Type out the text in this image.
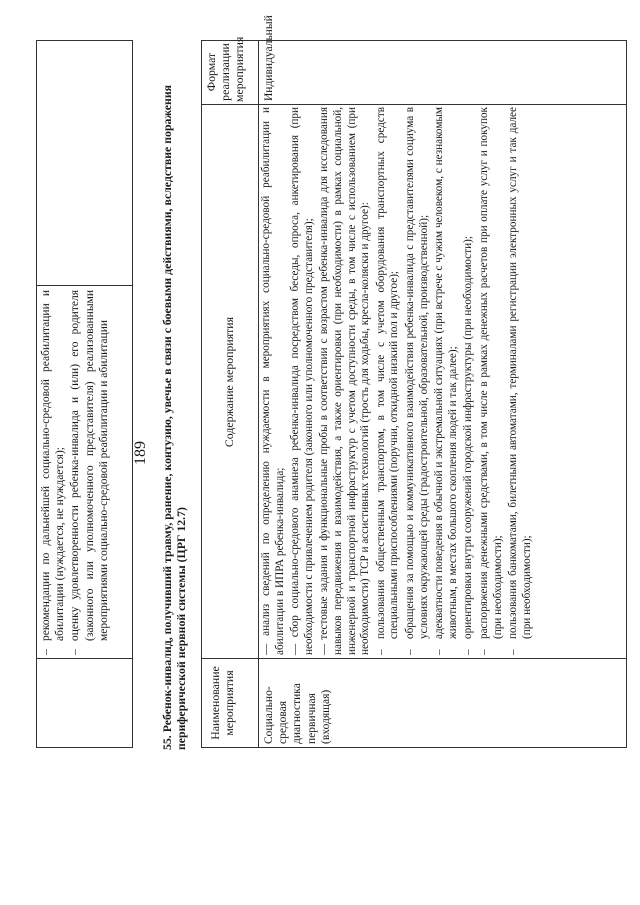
189
–
рекомендации по дальнейшей социально-средовой реабилитации и абилитации (нуждается, не нуждается);
–
оценку удовлетворенности ребенка-инвалида и (или) его родителя (законного или уполномоченного представителя) реализованными мероприятиями социально-средовой реабилитации и абилитации	55. Ребенок-инвалид, получивший травму, ранение, контузию, увечье в связи с боевыми действиями, вследствие поражения периферической нервной системы (ЦРГ 12.7) Наименование мероприятия
Содержание мероприятия
Формат реализации мероприятия
Социально-средовая диагностика первичная (входящая)
— анализ сведений по определению нуждаемости в мероприятиях социально-средовой реабилитации и абилитации в ИПРА ребенка-инвалида; — сбор социально-средового анамнеза ребенка-инвалида посредством беседы, опроса, анкетирования (при необходимости с привлечением родителя (законного или уполномоченного представителя); — тестовые задания и функциональные пробы в соответствии с возрастом ребенка-инвалида для исследования навыков передвижения и взаимодействия, а также ориентировки (при необходимости) в рамках социальной, инженерной и транспортной инфраструктур с учетом доступности среды, в том числе с использованием (при необходимости) ТСР и ассистивных технологий (трость для ходьбы, кресла-коляски и другое): –
пользования общественным транспортом, в том числе с учетом оборудования транспортных средств специальными приспособлениями (поручни, откидной низкий пол и другое);
–
обращения за помощью и коммуникативного взаимодействия ребенка-инвалида с представителями социума в условиях окружающей среды (градостроительной, образовательной, производственной);
–
адекватности поведения в обычной и экстремальной ситуациях (при встрече с чужим человеком, с незнакомым животным, в местах большого скопления людей и так далее);
–
ориентировки внутри сооружений городской инфраструктуры (при необходимости);
–
распоряжения денежными средствами, в том числе в рамках денежных расчетов при оплате услуг и покупок (при необходимости);
–
пользования банкоматами, билетными автоматами, терминалами регистрации электронных услуг и так далее (при необходимости);
Индивидуальный
